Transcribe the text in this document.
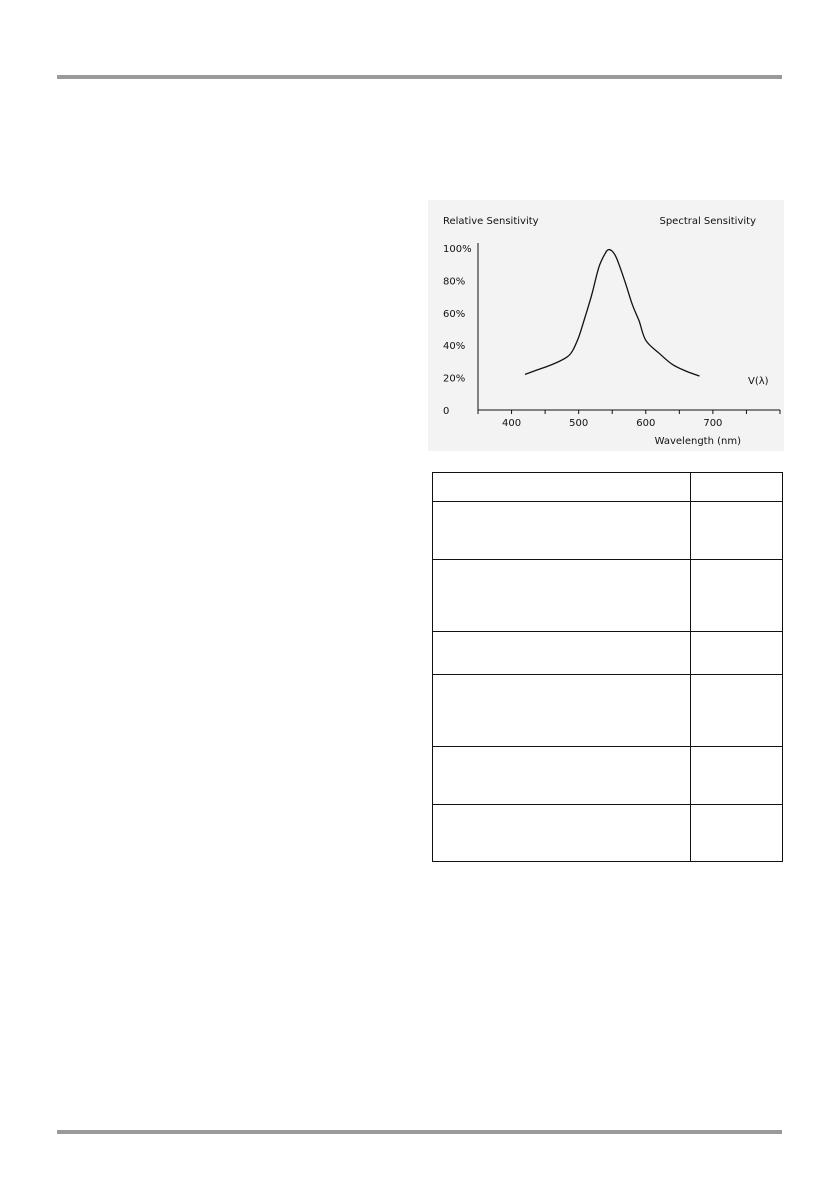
Relative Sensitivity	Spectral Sensitivity
400	500	600	700
0
20%
40%
60%
80%
100%
V(λ)
Wavelength (nm)
